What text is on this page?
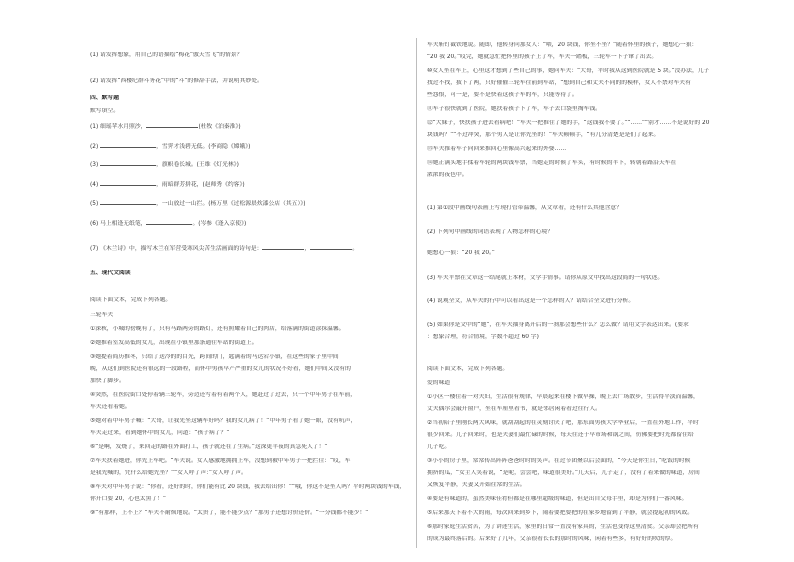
(1) 请发挥想象，用自己的语描绘“梅花”傲天雪飞“的情景？
(2) 请发挥“西楼纪群斗务花”中的“斗”的修辞手法，并说明其妙处。
四、默写题
默写填空。
(1) 细瑶苹水月照沙，	(杜牧《泊秦淮》)
(2)	，雪霁才浅碧无低。(李商隐《嫦娥》)
(3)	，旗帜卷长城。(王维《灯光林》)
(4)	，雨暗群芳拼花，(赵师秀《约客》)
(5)	，一山放过一山拦。(杨万里《过松源晨炊漆公店（其五）》)
(6) 马上相逢无纸笔，	。(岑参《逢入京使》)
(7) 《木兰诗》中，描写木兰在军营受寒风尖苦生活画面的诗句是：	，	。
五、现代文阅读
阅读下面文本，完成下列各题。
三轮车夫
①深秋，小城的傍晚有了，只有马路两旁的路灯，还有照耀着自己的肉店，给落满的街道涂抹温馨。
②她推着室发高低的女儿，出现在小镇里那条通往车站的街道上。
③她提着简历推冬，只给了送冷的的目光，跨间的门，匙满着的马达宕小镇，在这些的家子里中间
晚，从这们到医院还有很远的一段路程，而怀中男孩早产严重的女儿的状况不好看，她们中间又没有的
加快了脚步。
④突然，在医院街口处停着辆三轮车，旁边还写着有着两个人，她赶过了过去，只一个中年男子在车前，
车夫还看着她。
⑤她对着中年男子喊：“大哥，让我先坐这辆车好吗？我的女儿病了！”中年男子看了她一眼，没有吭声，
车夫走过来，看到她怀中的女儿，问道：“孩子病了？”
⑥“是啊，发烧了，来回走的路在外面打工，孩子就还在了生病。”这深更半夜的真急死人了！”
⑦车夫扶着她进，你先上车吧。“车夫说。女人感激地拥拥上车，没想到被中年男子一把拦住：“哎，车
是我先喊的，凭什么给她先坐？”“女人呼了声：”女人呼了声。
⑧车夫对中年男子说：“你看，还好的时，你们能有比 20 块钱，我去给出你！”“哦，你这不是坐人吗？平时两块钱的车钱，
你开口要 20，心也太黑了！”
⑨“有那样，上不上？”车夫不耐烦地说。“太贵了，能不能少点？”那男子还想讨价还价。“一分钱都不能少！”
车夫斩钉截铁地说。随即，他转身问那女人：“喂，20 块钱，你坐不坐？”随着怀里的孩子，她想心一狠：
“20 我 20。”哎完，她就急忙把怀里的孩子上了车，车夫一踏板，三轮车一下子窜了出去。
⑩女人坐在车上，心里这才想到了些自己的事，她问车夫：“大哥，平时我从这到医院就是 5 块。”没办法，儿子
找过不找，拔下了两，只好催催三轮车往前到车站，“想到自己和丈夫不同的的模样，女人不禁对车夫有
些怨恨，可一是，要不是快着这孩子车的车，只能等待了。
⑪车子很快就到了医院，她扶着孩子下了车，车子去口袋里掏车钱。
⑫“大妹子，快扶孩子进去看病吧！”车夫一把推住了她的手，“这钱我不要了。”“……”“别才……不是说好的 20
块钱吗？”“不过冲突，那个男人是让你先坐的！”车夫顿顿手，“有几分清楚是是们了起来。
⑬车夫推着车子向回来推回心里像高兴起来的外婆……
⑭她正满头地手揉着车轮的两块钱车票，当她走的时候了车头，有时候的半下，转朝着路沿天车在
浓浓的夜色中。
(1) 第①段中画线句表画上写现打管带温馨，从文章看，还有什么其他含意？
(2) 下列句中画线的词语表现了人物怎样的心境？
她想心一狠：“20 我 20。”
(3) 车夫平票在文章这一结尾就上本材，文学手情事。请你从原文中找出这段简的一句状述。
(4) 说观全文，从车夫的行中可以看出这是一个怎样的人？请结合全文进行分析。
(5) 如果你是文中的“她”，在车夫抽身离开后的一刹那会想些什么？怎么做？请用文字表达出来。(要求
：想象合理，符合情境，字数不超过 60 字)
阅读下面文本，完成下列各题。
爱的味道
①小区一楼住着一对夫妇，生活很有规律，早晨起来在楼下做早操，晚上去广场散步，生活得平淡而温馨，
丈夫偶尔会敲开窗户，坐在车厘里看书，就是邻居闲着看过往行人。
②当初陪子里刚长两大风味，就刮刮起的在灵刻讨厌了吧，那东面男孩大学毕业后，一直在外地工作，平时
很少回来。儿子回来时，也是夫妻们最忙碌的时候，每天往还于早市场和锅之间，仿佛要把时光都留住给
儿子吃。
③小小的房子里，常常传出阵阵爸爸时时的笑声。在过节团聚以后会面的，“今天是你生日，”吃饭的时候
拥挤的瓜，“女主人笑着说，“是呢，尝尝吧，味道很美好。”几天后，儿子走了，没有了着来做的味道，房间
又恢复平静，夫妻又开始往常的生活。
④要是有味道的，虽然美味佳肴但都是在哪里超级的味道，但是出自父母手里，却是为你们一番风味。
⑤后来那天下着不大的雨，每次回来到乡下，闹着要把要把的在家乡地留到了平静，就会提起初的风故。
⑥那时家庭生活贫苦，为了讲述生活，家里的日常一直没有家具的，生活也变得这里清贫。父亲却会把所有
的成为最终落后的。后来好了几年，父亲很看长长的那时的风味，闲着有些多，有好好的吹的厚。
